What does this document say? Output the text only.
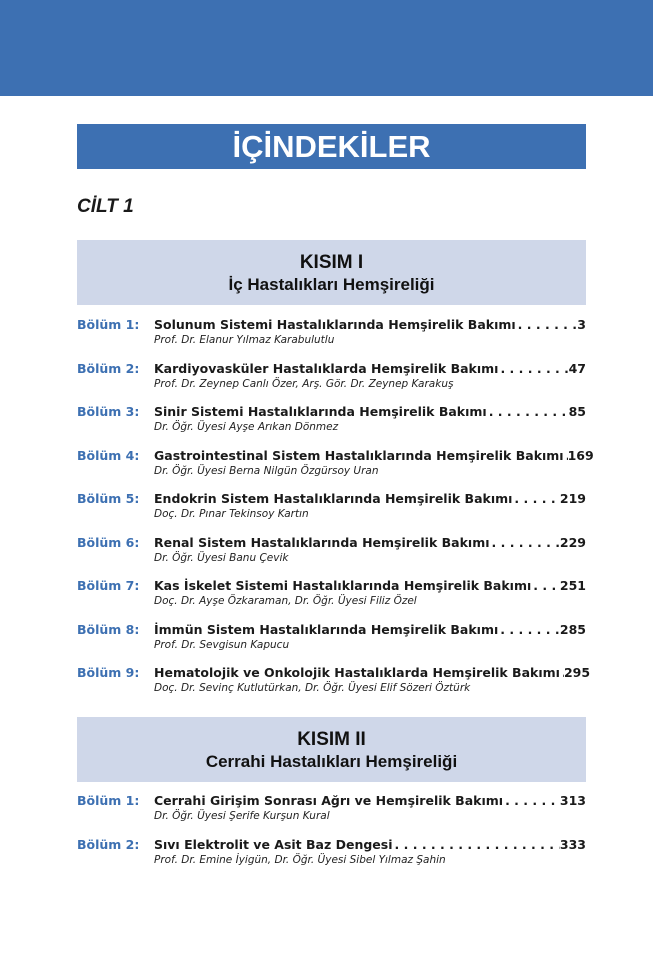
İÇİNDEKİLER
CİLT 1
KISIM I
İç Hastalıkları Hemşireliği
Bölüm 1:	Solunum Sistemi Hastalıklarında Hemşirelik Bakımı . . .	3
Prof. Dr. Elanur Yılmaz Karabulutlu
Bölüm 2:	Kardiyovasküler Hastalıklarda Hemşirelik Bakımı . . .	47
Prof. Dr. Zeynep Canlı Özer, Arş. Gör. Dr. Zeynep Karakuş
Bölüm 3:	Sinir Sistemi Hastalıklarında Hemşirelik Bakımı . . .	85
Dr. Öğr. Üyesi Ayşe Arıkan Dönmez
Bölüm 4:	Gastrointestinal Sistem Hastalıklarında Hemşirelik Bakımı . . . 169
Dr. Öğr. Üyesi Berna Nilgün Özgürsoy Uran
Bölüm 5:	Endokrin Sistem Hastalıklarında Hemşirelik Bakımı . . .	219
Doç. Dr. Pınar Tekinsoy Kartın
Bölüm 6:	Renal Sistem Hastalıklarında Hemşirelik Bakımı . . .	229
Dr. Öğr. Üyesi Banu Çevik
Bölüm 7:	Kas İskelet Sistemi Hastalıklarında Hemşirelik Bakımı . . . 251
Doç. Dr. Ayşe Özkaraman, Dr. Öğr. Üyesi Filiz Özel
Bölüm 8:	İmmün Sistem Hastalıklarında Hemşirelik Bakımı . . .	285
Prof. Dr. Sevgisun Kapucu
Bölüm 9:	Hematolojik ve Onkolojik Hastalıklarda Hemşirelik Bakımı . . . 295
Doç. Dr. Sevinç Kutlutürkan, Dr. Öğr. Üyesi Elif Sözeri Öztürk
KISIM II
Cerrahi Hastalıkları Hemşireliği
Bölüm 1:	Cerrahi Girişim Sonrası Ağrı ve Hemşirelik Bakımı . . .	313
Dr. Öğr. Üyesi Şerife Kurşun Kural
Bölüm 2:	Sıvı Elektrolit ve Asit Baz Dengesi . . .	333
Prof. Dr. Emine İyigün, Dr. Öğr. Üyesi Sibel Yılmaz Şahin
